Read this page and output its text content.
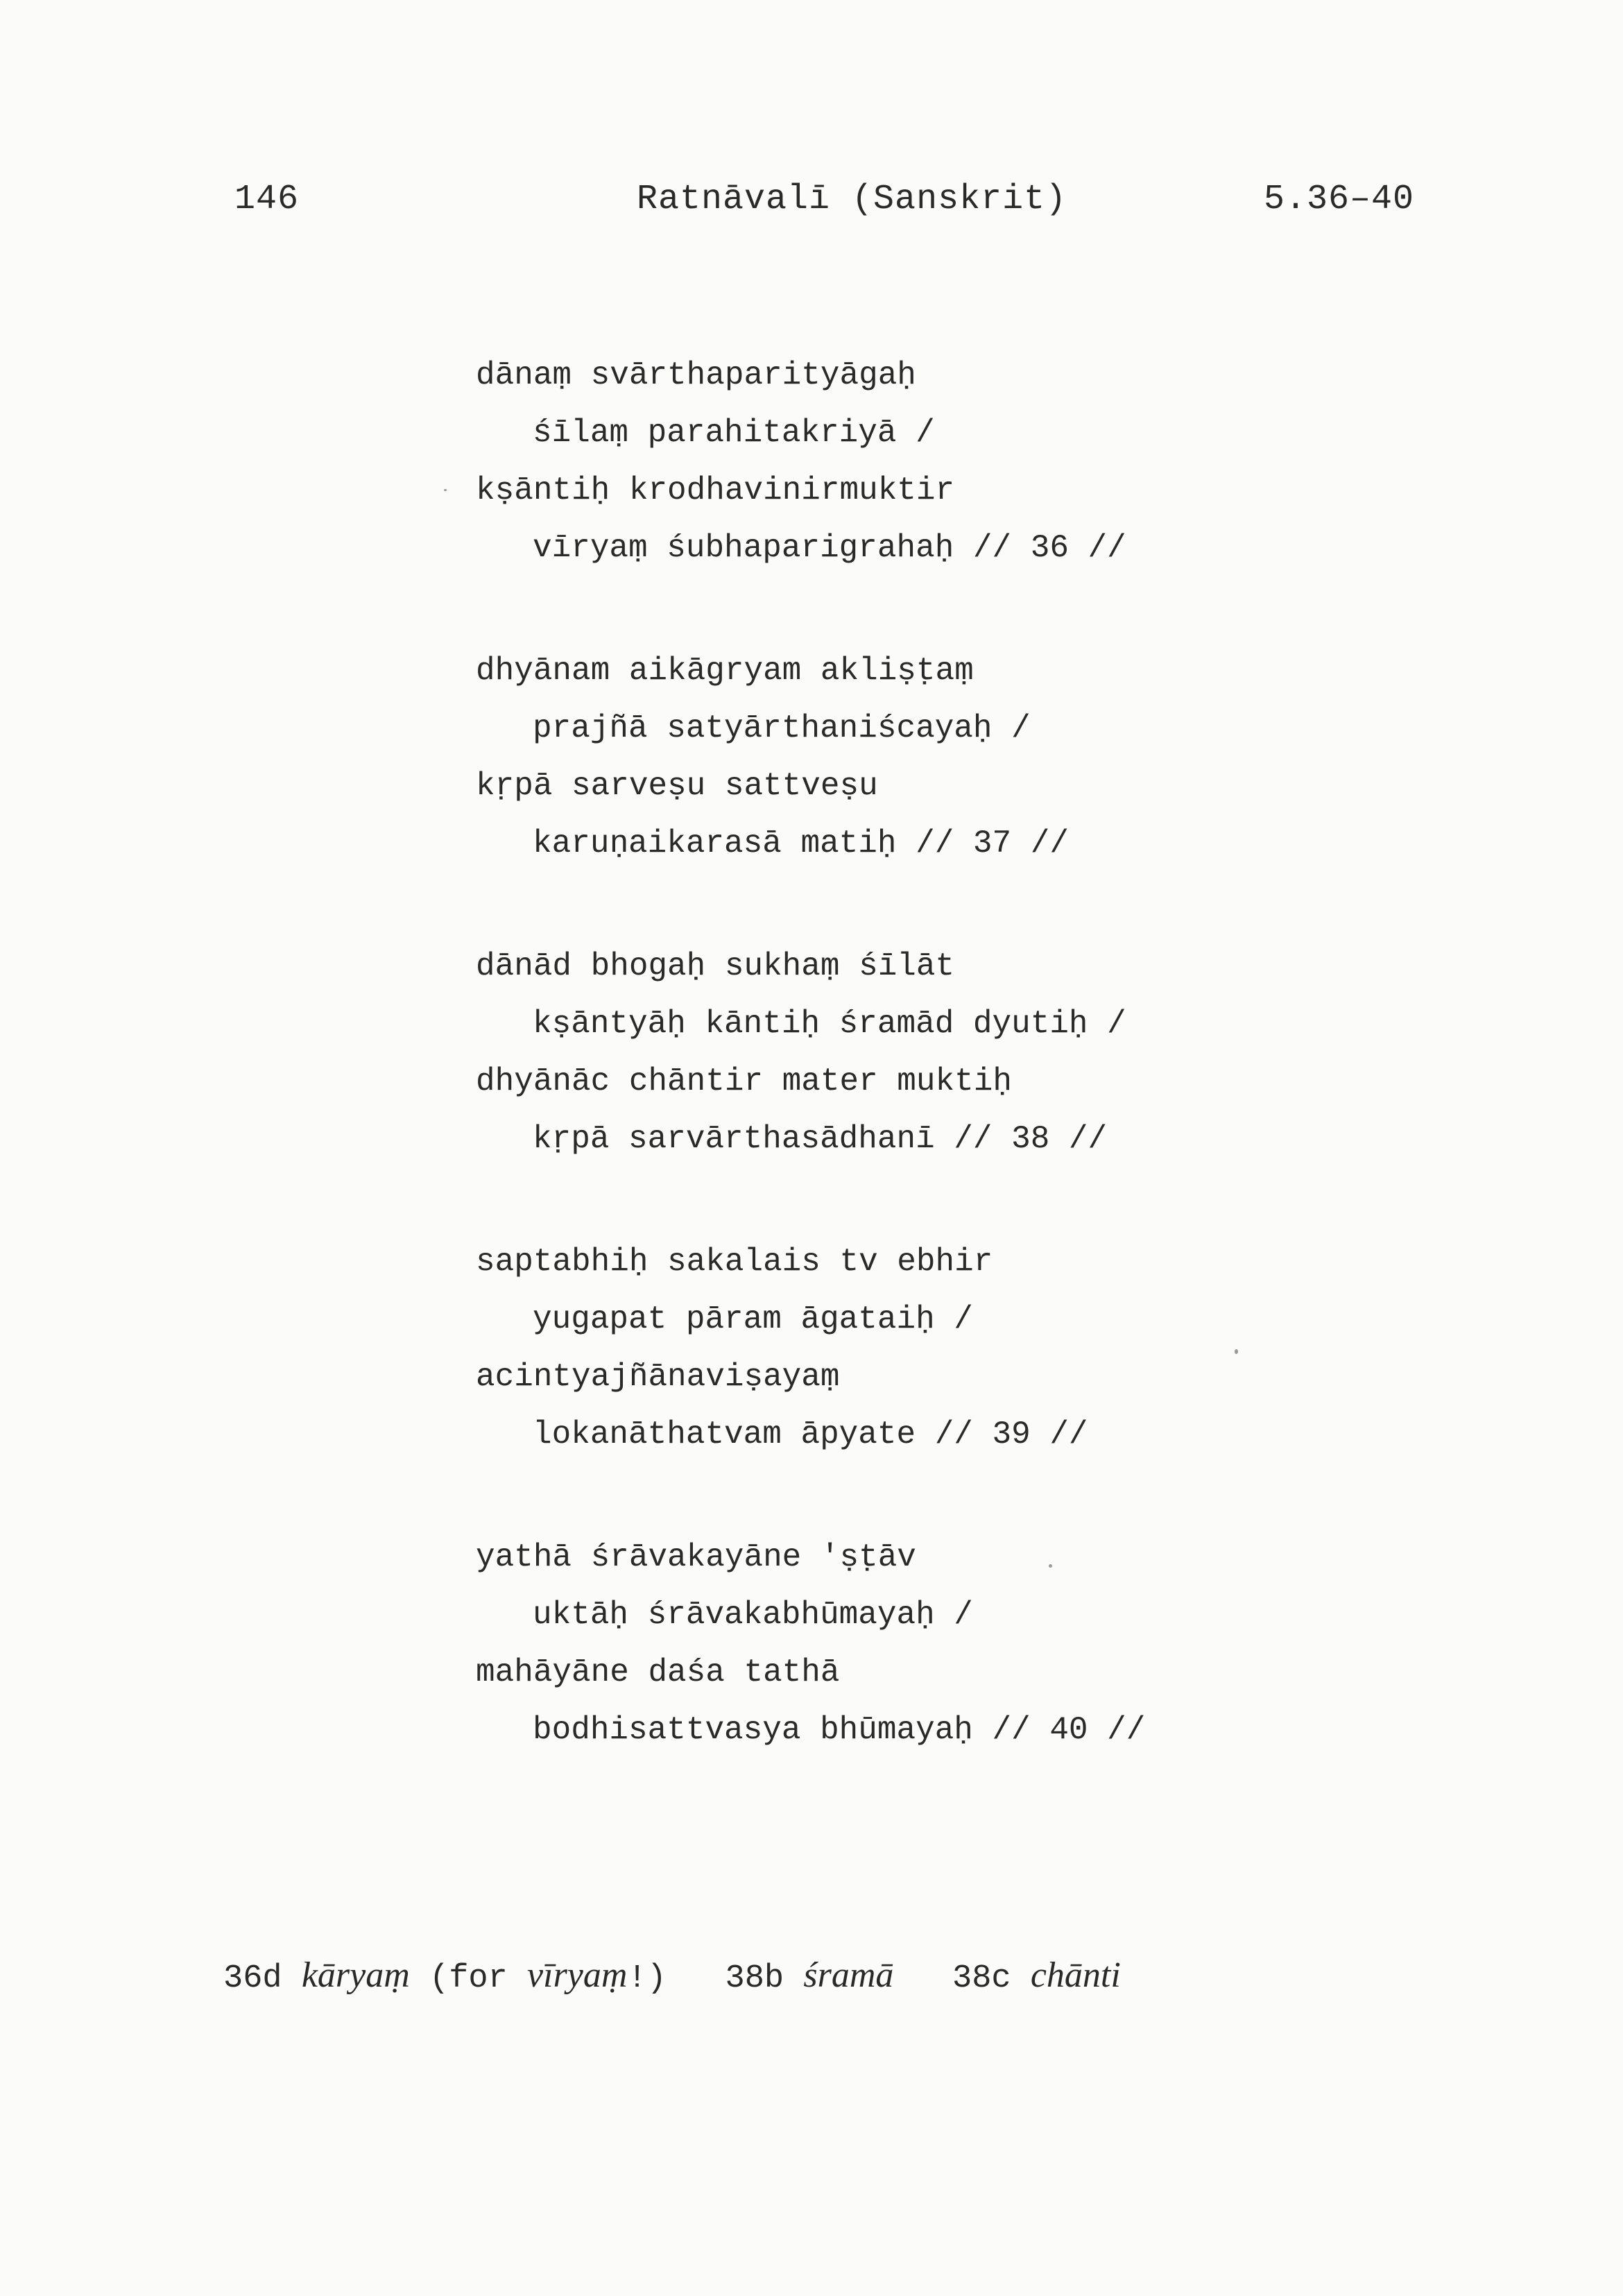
146	Ratnāvalī (Sanskrit)	5.36–40
dānaṃ svārthaparityāgaḥ
śīlaṃ parahitakriyā /
kṣāntiḥ krodhavinirmuktir
vīryaṃ śubhaparigrahaḥ // 36 //
dhyānam aikāgryam akliṣṭaṃ
prajñā satyārthaniścayaḥ /
kṛpā sarveṣu sattveṣu
karuṇaikarasā matiḥ // 37 //
dānād bhogaḥ sukhaṃ śīlāt
kṣāntyāḥ kāntiḥ śramād dyutiḥ /
dhyānāc chāntir mater muktiḥ
kṛpā sarvārthasādhanī // 38 //
saptabhiḥ sakalais tv ebhir
yugapat pāram āgataiḥ /
acintyajñānaviṣayaṃ
lokanāthatvam āpyate // 39 //
yathā śrāvakayāne 'ṣṭāv
uktāḥ śrāvakabhūmayaḥ /
mahāyāne daśa tathā
bodhisattvasya bhūmayaḥ // 40 //
36d kāryaṃ (for vīryaṃ!) 38b śramā 38c chānti
